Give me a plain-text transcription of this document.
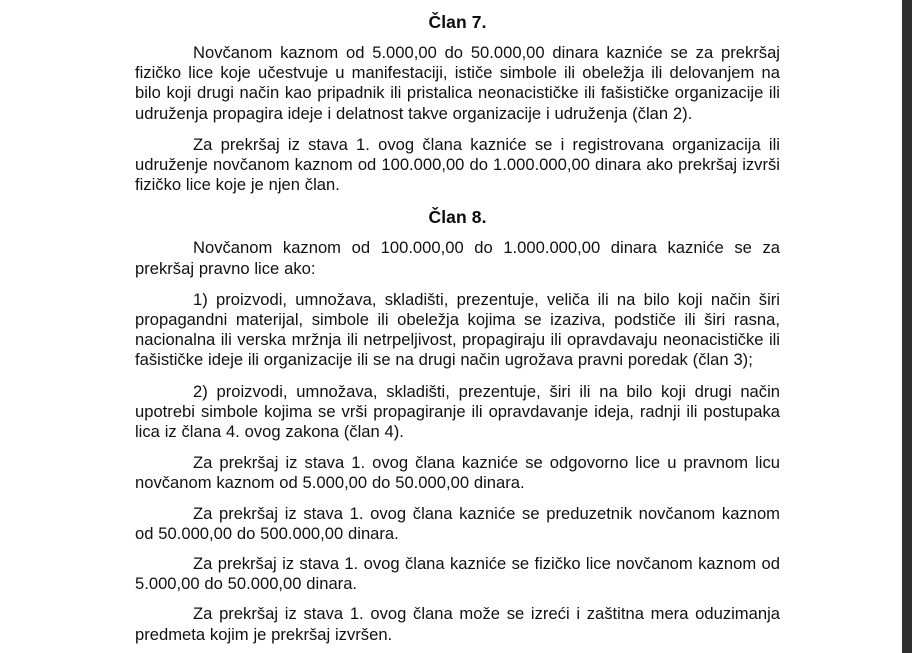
Član 7.

Novčanom kaznom od 5.000,00 do 50.000,00 dinara kazniće se za prekršaj fizičko lice koje učestvuje u manifestaciji, ističe simbole ili obeležja ili delovanjem na bilo koji drugi način kao pripadnik ili pristalica neonacističke ili fašističke organizacije ili udruženja propagira ideje i delatnost takve organizacije i udruženja (član 2).

Za prekršaj iz stava 1. ovog člana kazniće se i registrovana organizacija ili udruženje novčanom kaznom od 100.000,00 do 1.000.000,00 dinara ako prekršaj izvrši fizičko lice koje je njen član.

Član 8.

Novčanom kaznom od 100.000,00 do 1.000.000,00 dinara kazniće se za prekršaj pravno lice ako:

1) proizvodi, umnožava, skladišti, prezentuje, veliča ili na bilo koji način širi propagandni materijal, simbole ili obeležja kojima se izaziva, podstiče ili širi rasna, nacionalna ili verska mržnja ili netrpeljivost, propagiraju ili opravdavaju neonacističke ili fašističke ideje ili organizacije ili se na drugi način ugrožava pravni poredak (član 3);

2) proizvodi, umnožava, skladišti, prezentuje, širi ili na bilo koji drugi način upotrebi simbole kojima se vrši propagiranje ili opravdavanje ideja, radnji ili postupaka lica iz člana 4. ovog zakona (član 4).

Za prekršaj iz stava 1. ovog člana kazniće se odgovorno lice u pravnom licu novčanom kaznom od 5.000,00 do 50.000,00 dinara.

Za prekršaj iz stava 1. ovog člana kazniće se preduzetnik novčanom kaznom od 50.000,00 do 500.000,00 dinara.

Za prekršaj iz stava 1. ovog člana kazniće se fizičko lice novčanom kaznom od 5.000,00 do 50.000,00 dinara.

Za prekršaj iz stava 1. ovog člana može se izreći i zaštitna mera oduzimanja predmeta kojim je prekršaj izvršen.
